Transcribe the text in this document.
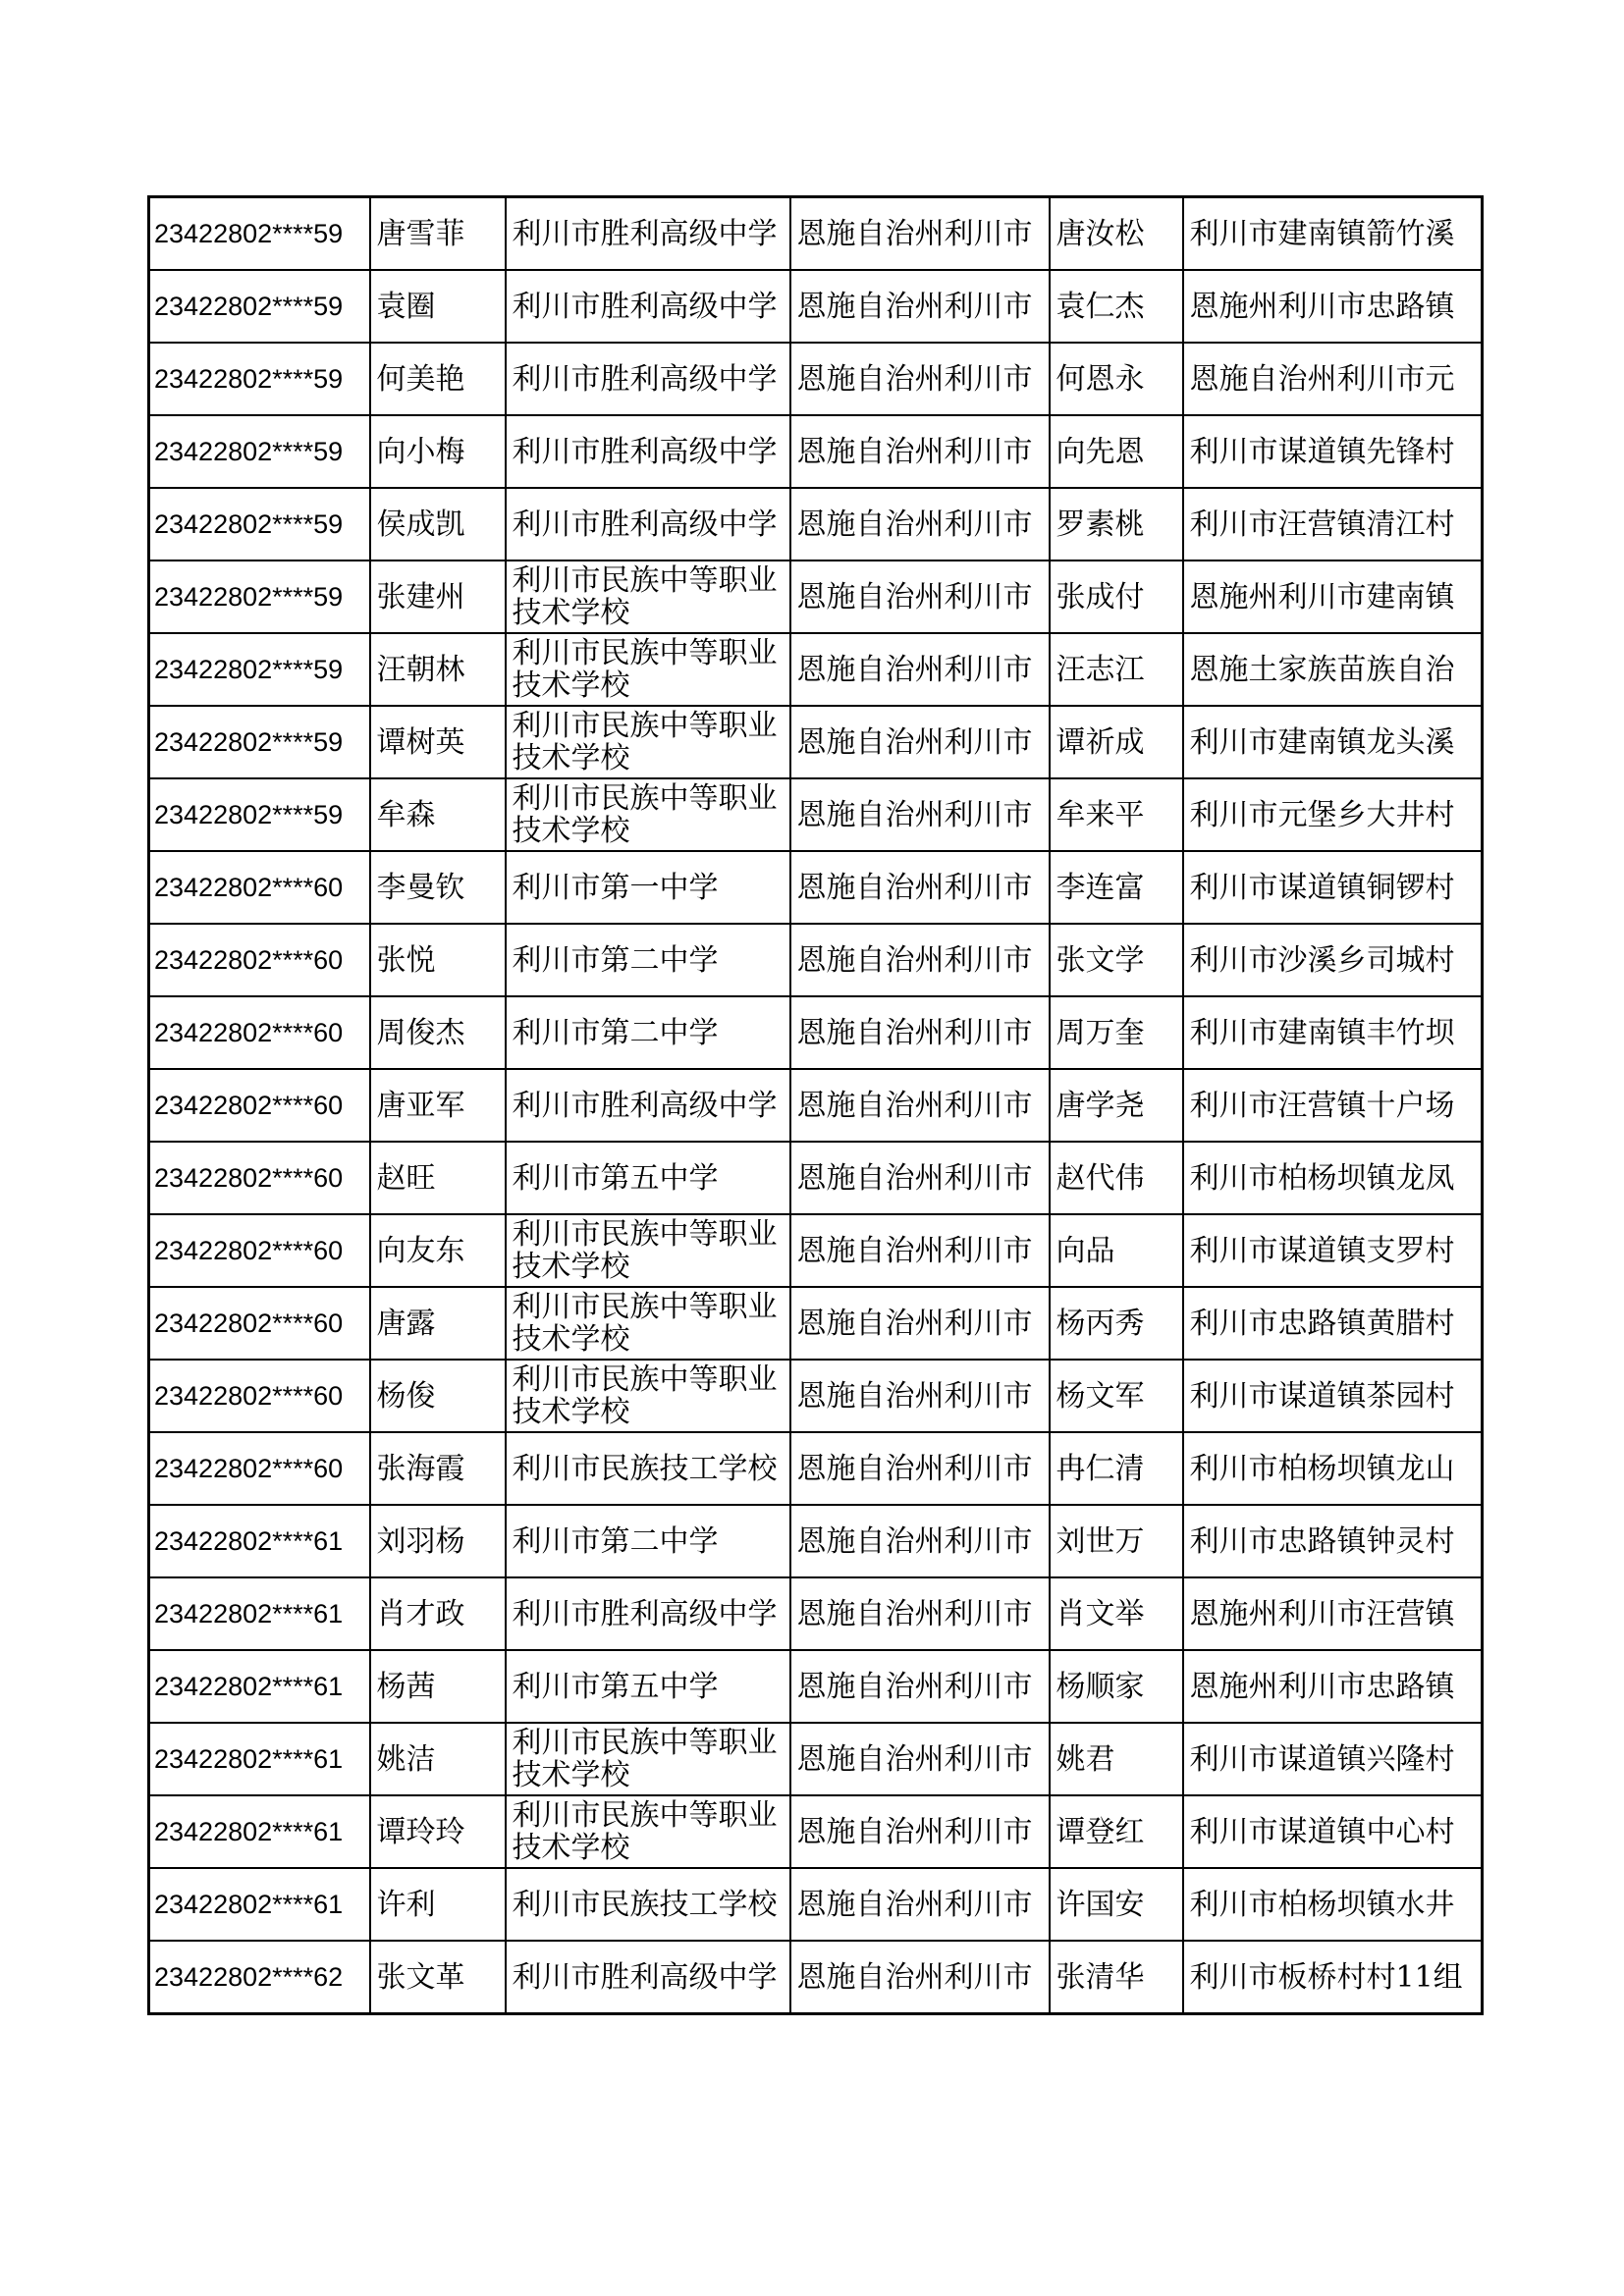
23422802****59	唐雪菲	利川市胜利高级中学	恩施自治州利川市	唐汝松	利川市建南镇箭竹溪
23422802****59	袁圈	利川市胜利高级中学	恩施自治州利川市	袁仁杰	恩施州利川市忠路镇
23422802****59	何美艳	利川市胜利高级中学	恩施自治州利川市	何恩永	恩施自治州利川市元
23422802****59	向小梅	利川市胜利高级中学	恩施自治州利川市	向先恩	利川市谋道镇先锋村
23422802****59	侯成凯	利川市胜利高级中学	恩施自治州利川市	罗素桃	利川市汪营镇清江村
23422802****59	张建州	利川市民族中等职业技术学校	恩施自治州利川市	张成付	恩施州利川市建南镇
23422802****59	汪朝林	利川市民族中等职业技术学校	恩施自治州利川市	汪志江	恩施土家族苗族自治
23422802****59	谭树英	利川市民族中等职业技术学校	恩施自治州利川市	谭祈成	利川市建南镇龙头溪
23422802****59	牟森	利川市民族中等职业技术学校	恩施自治州利川市	牟来平	利川市元堡乡大井村
23422802****60	李曼钦	利川市第一中学	恩施自治州利川市	李连富	利川市谋道镇铜锣村
23422802****60	张悦	利川市第二中学	恩施自治州利川市	张文学	利川市沙溪乡司城村
23422802****60	周俊杰	利川市第二中学	恩施自治州利川市	周万奎	利川市建南镇丰竹坝
23422802****60	唐亚军	利川市胜利高级中学	恩施自治州利川市	唐学尧	利川市汪营镇十户场
23422802****60	赵旺	利川市第五中学	恩施自治州利川市	赵代伟	利川市柏杨坝镇龙凤
23422802****60	向友东	利川市民族中等职业技术学校	恩施自治州利川市	向品	利川市谋道镇支罗村
23422802****60	唐露	利川市民族中等职业技术学校	恩施自治州利川市	杨丙秀	利川市忠路镇黄腊村
23422802****60	杨俊	利川市民族中等职业技术学校	恩施自治州利川市	杨文军	利川市谋道镇茶园村
23422802****60	张海霞	利川市民族技工学校	恩施自治州利川市	冉仁清	利川市柏杨坝镇龙山
23422802****61	刘羽杨	利川市第二中学	恩施自治州利川市	刘世万	利川市忠路镇钟灵村
23422802****61	肖才政	利川市胜利高级中学	恩施自治州利川市	肖文举	恩施州利川市汪营镇
23422802****61	杨茜	利川市第五中学	恩施自治州利川市	杨顺家	恩施州利川市忠路镇
23422802****61	姚洁	利川市民族中等职业技术学校	恩施自治州利川市	姚君	利川市谋道镇兴隆村
23422802****61	谭玲玲	利川市民族中等职业技术学校	恩施自治州利川市	谭登红	利川市谋道镇中心村
23422802****61	许利	利川市民族技工学校	恩施自治州利川市	许国安	利川市柏杨坝镇水井
23422802****62	张文革	利川市胜利高级中学	恩施自治州利川市	张清华	利川市板桥村村11组
